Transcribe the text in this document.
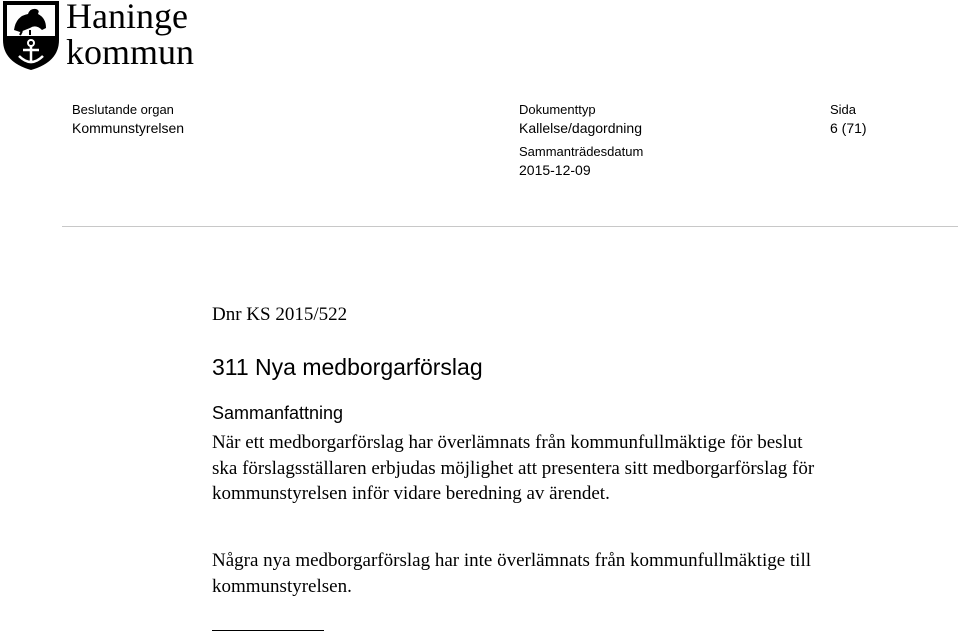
Haninge
kommun
Beslutande organ
Kommunstyrelsen
Dokumenttyp
Kallelse/dagordning
Sida
6 (71)
Sammanträdesdatum
2015-12-09
Dnr KS 2015/522
311 Nya medborgarförslag
Sammanfattning
När ett medborgarförslag har överlämnats från kommunfullmäktige för beslut ska förslagsställaren erbjudas möjlighet att presentera sitt medborgarförslag för kommunstyrelsen inför vidare beredning av ärendet.
Några nya medborgarförslag har inte överlämnats från kommunfullmäktige till kommunstyrelsen.
